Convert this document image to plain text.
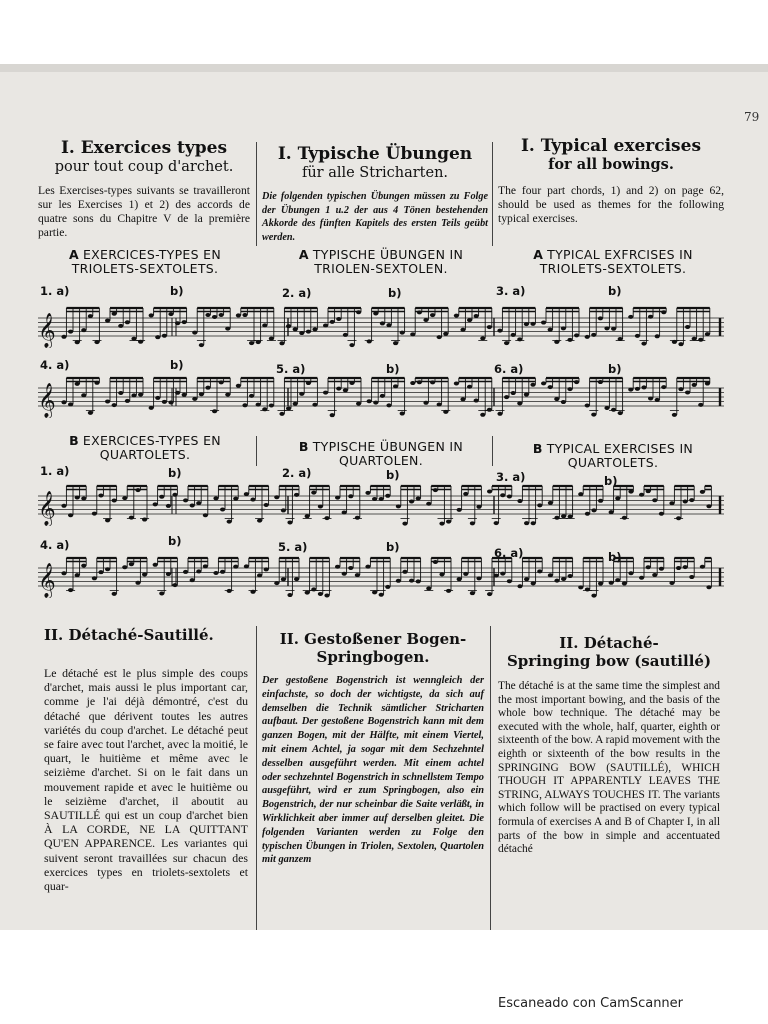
79
I. Exercices types
pour tout coup d'archet.
Les Exercises-types suivants se travailleront sur les Exercises 1) et 2) des accords de quatre sons du Chapitre V de la première partie.
I. Typische Übungen
für alle Stricharten.
Die folgenden typischen Übungen müssen zu Folge der Übungen 1 u.2 der aus 4 Tönen bestehenden Akkorde des fünften Kapitels des ersten Teils geübt werden.
I. Typical exercises
for all bowings.
The four part chords, 1) and 2) on page 62, should be used as themes for the following typical exercises.
A EXERCICES-TYPES EN TRIOLETS-SEXTOLETS.
A TYPISCHE ÜBUNGEN IN TRIOLEN-SEXTOLEN.
A TYPICAL EXFRCISES IN TRIOLETS-SEXTOLETS.
𝄞
𝄞
B EXERCICES-TYPES EN QUARTOLETS.
B TYPISCHE ÜBUNGEN IN QUARTOLEN.
B TYPICAL EXERCISES IN QUARTOLETS.
𝄞
𝄞
1. a)	b)	2. a)	b)	3. a)	b)
4. a)	b)	5. a)	b)	6. a)	b)
1. a)	b)	2. a)	b)	3. a)	b)
4. a)	b)	5. a)	b)	6. a)	b)
II. Détaché-Sautillé.
Le détaché est le plus simple des coups d'archet, mais aussi le plus important car, comme je l'ai déjà démontré, c'est du détaché que dérivent toutes les autres variétés du coup d'archet. Le détaché peut se faire avec tout l'archet, avec la moitié, le quart, le huitième et même avec le seizième d'archet. Si on le fait dans un mouvement rapide et avec le huitième ou le seizième d'archet, il aboutit au SAUTILLÉ qui est un coup d'archet bien À LA CORDE, NE LA QUITTANT QU'EN APPARENCE. Les variantes qui suivent seront travaillées sur chacun des exercices types en triolets-sextolets et quar-
II. Gestoßener Bogen-
Springbogen.
Der gestoßene Bogenstrich ist wenngleich der einfachste, so doch der wichtigste, da sich auf demselben die Technik sämtlicher Stricharten aufbaut. Der gestoßene Bogenstrich kann mit dem ganzen Bogen, mit der Hälfte, mit einem Viertel, mit einem Achtel, ja sogar mit dem Sechzehntel desselben ausgeführt werden. Mit einem achtel oder sechzehntel Bogenstrich in schnellstem Tempo ausgeführt, wird er zum Springbogen, also ein Bogenstrich, der nur scheinbar die Saite verläßt, in Wirklichkeit aber immer auf derselben gleitet. Die folgenden Varianten werden zu Folge den typischen Übungen in Triolen, Sextolen, Quartolen mit ganzem
II. Détaché-
Springing bow (sautillé)
The détaché is at the same time the simplest and the most important bowing, and the basis of the whole bow technique. The détaché may be executed with the whole, half, quarter, eighth or sixteenth of the bow. A rapid movement with the eighth or sixteenth of the bow results in the SPRINGING BOW (SAUTILLÉ), WHICH THOUGH IT APPARENTLY LEAVES THE STRING, ALWAYS TOUCHES IT. The variants which follow will be practised on every typical formula of exercises A and B of Chapter I, in all parts of the bow in simple and accentuated détaché
Escaneado con CamScanner
